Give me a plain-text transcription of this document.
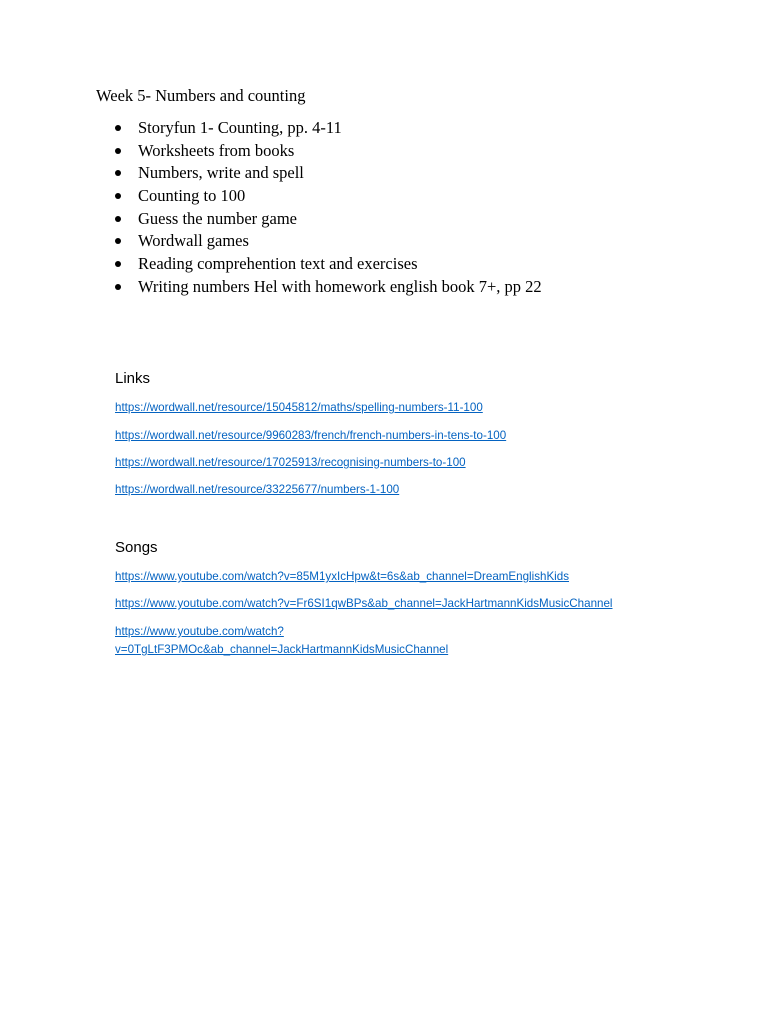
Week 5- Numbers and counting
Storyfun 1- Counting, pp. 4-11
Worksheets from books
Numbers, write and spell
Counting to 100
Guess the number game
Wordwall games
Reading comprehention text and exercises
Writing numbers Hel with homework english book 7+, pp 22
Links
https://wordwall.net/resource/15045812/maths/spelling-numbers-11-100
https://wordwall.net/resource/9960283/french/french-numbers-in-tens-to-100
https://wordwall.net/resource/17025913/recognising-numbers-to-100
https://wordwall.net/resource/33225677/numbers-1-100
Songs
https://www.youtube.com/watch?v=85M1yxIcHpw&t=6s&ab_channel=DreamEnglishKids
https://www.youtube.com/watch?v=Fr6SI1qwBPs&ab_channel=JackHartmannKidsMusicChannel
https://www.youtube.com/watch?
v=0TgLtF3PMOc&ab_channel=JackHartmannKidsMusicChannel
